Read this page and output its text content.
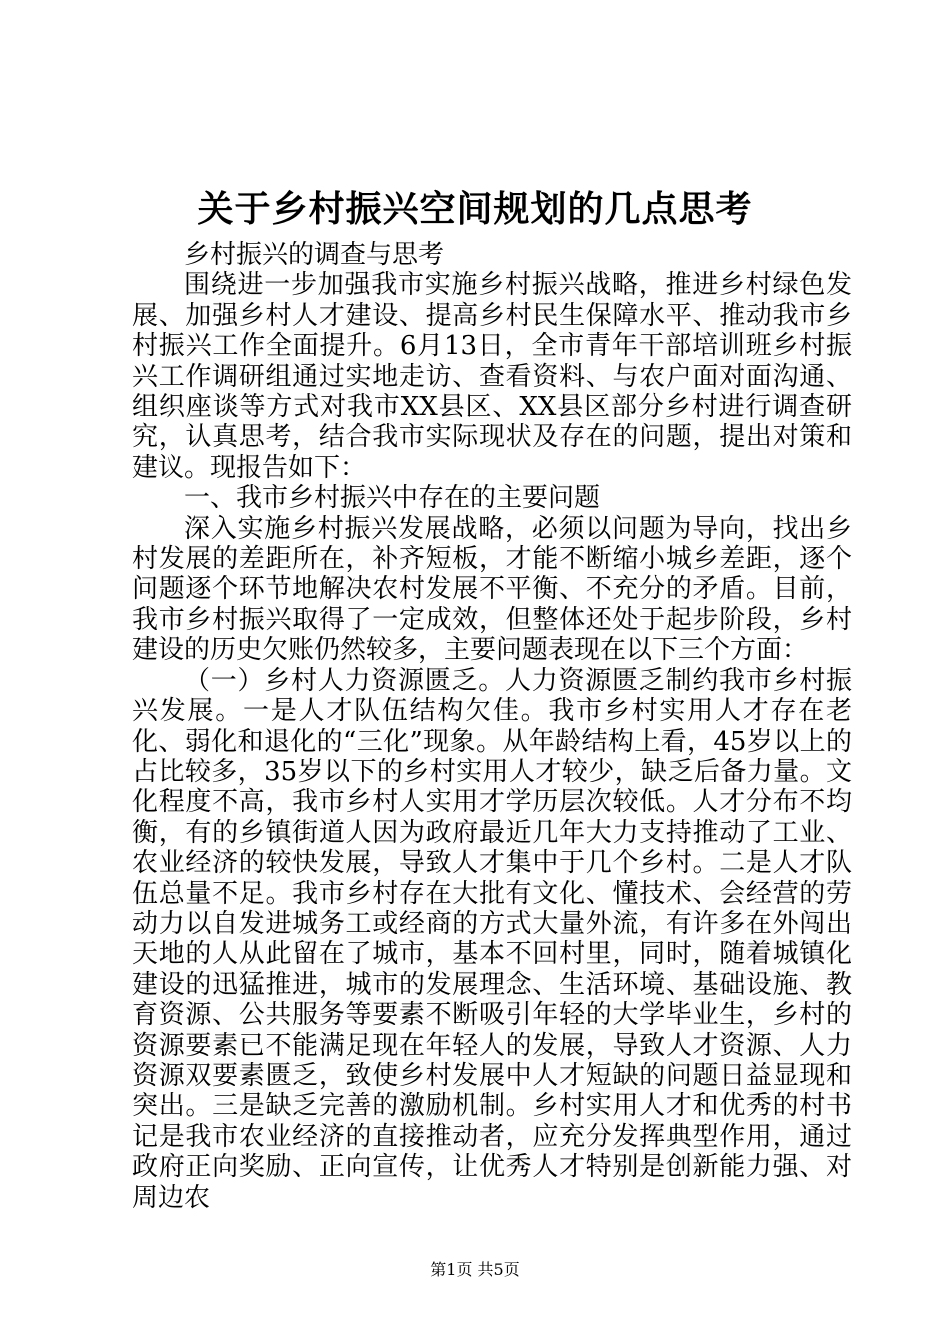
关于乡村振兴空间规划的几点思考

乡村振兴的调查与思考

围绕进一步加强我市实施乡村振兴战略，推进乡村绿色发展、加强乡村人才建设、提高乡村民生保障水平、推动我市乡村振兴工作全面提升。6月13日，全市青年干部培训班乡村振兴工作调研组通过实地走访、查看资料、与农户面对面沟通、组织座谈等方式对我市XX县区、XX县区部分乡村进行调查研究，认真思考，结合我市实际现状及存在的问题，提出对策和建议。现报告如下：

一、我市乡村振兴中存在的主要问题

深入实施乡村振兴发展战略，必须以问题为导向，找出乡村发展的差距所在，补齐短板，才能不断缩小城乡差距，逐个问题逐个环节地解决农村发展不平衡、不充分的矛盾。目前，我市乡村振兴取得了一定成效，但整体还处于起步阶段，乡村建设的历史欠账仍然较多，主要问题表现在以下三个方面：

（一）乡村人力资源匮乏。人力资源匮乏制约我市乡村振兴发展。一是人才队伍结构欠佳。我市乡村实用人才存在老化、弱化和退化的“三化”现象。从年龄结构上看，45岁以上的占比较多，35岁以下的乡村实用人才较少，缺乏后备力量。文化程度不高，我市乡村人实用才学历层次较低。人才分布不均衡，有的乡镇街道人因为政府最近几年大力支持推动了工业、农业经济的较快发展，导致人才集中于几个乡村。二是人才队伍总量不足。我市乡村存在大批有文化、懂技术、会经营的劳动力以自发进城务工或经商的方式大量外流，有许多在外闯出天地的人从此留在了城市，基本不回村里，同时，随着城镇化建设的迅猛推进，城市的发展理念、生活环境、基础设施、教育资源、公共服务等要素不断吸引年轻的大学毕业生，乡村的资源要素已不能满足现在年轻人的发展，导致人才资源、人力资源双要素匮乏，致使乡村发展中人才短缺的问题日益显现和突出。三是缺乏完善的激励机制。乡村实用人才和优秀的村书记是我市农业经济的直接推动者，应充分发挥典型作用，通过政府正向奖励、正向宣传，让优秀人才特别是创新能力强、对周边农

第1页 共5页
